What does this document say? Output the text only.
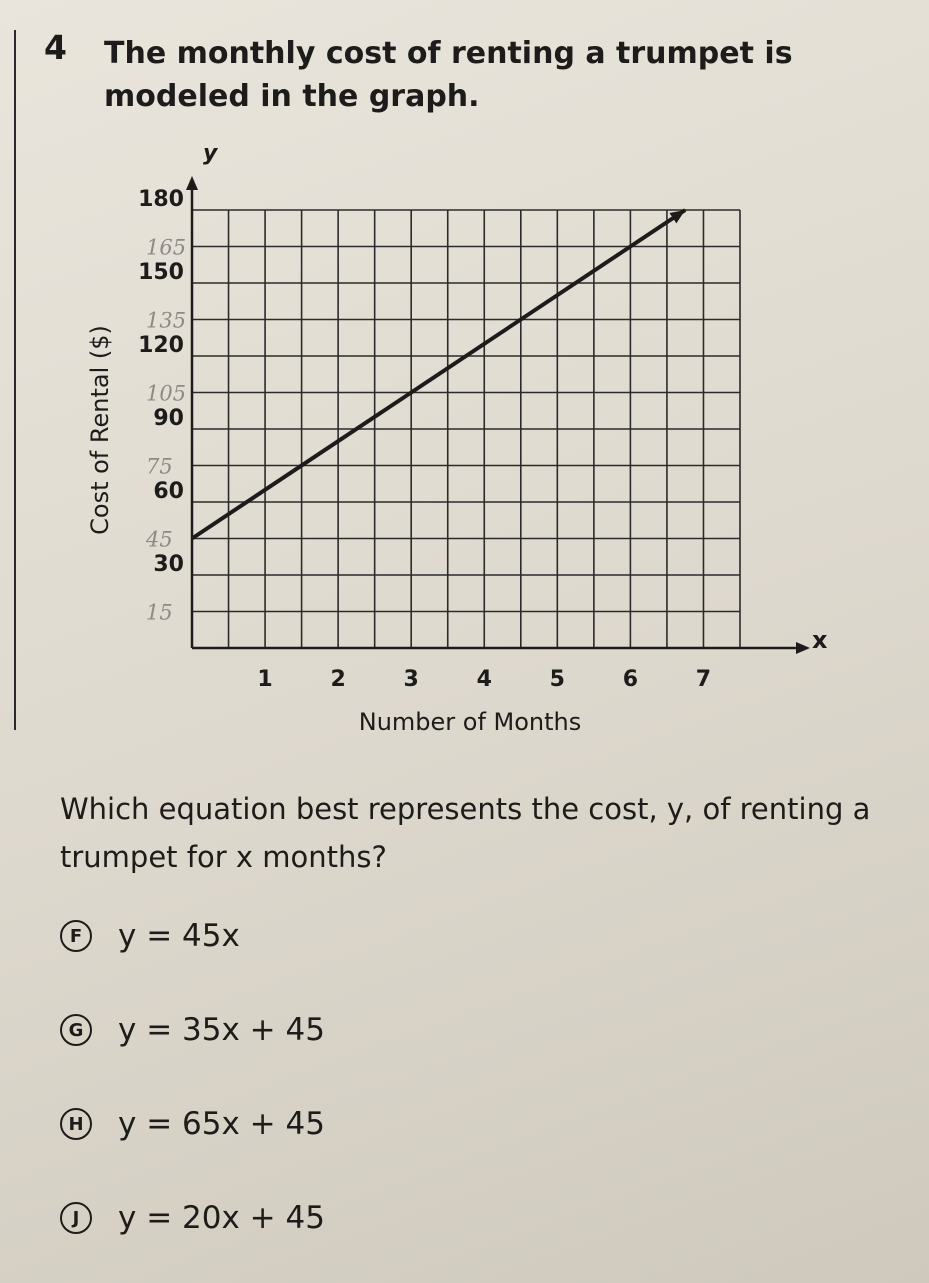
4 The monthly cost of renting a trumpet is modeled in the graph.
1	2	3	4	5	6	7
30
60
90
120
150
180
15
45
75
105
135
165
Cost of Rental ($)
Number of Months
y
x
Which equation best represents the cost, y, of renting a trumpet for x months?
F	y = 45x
G y = 35x + 45
H y = 65x + 45
J	y = 20x + 45
